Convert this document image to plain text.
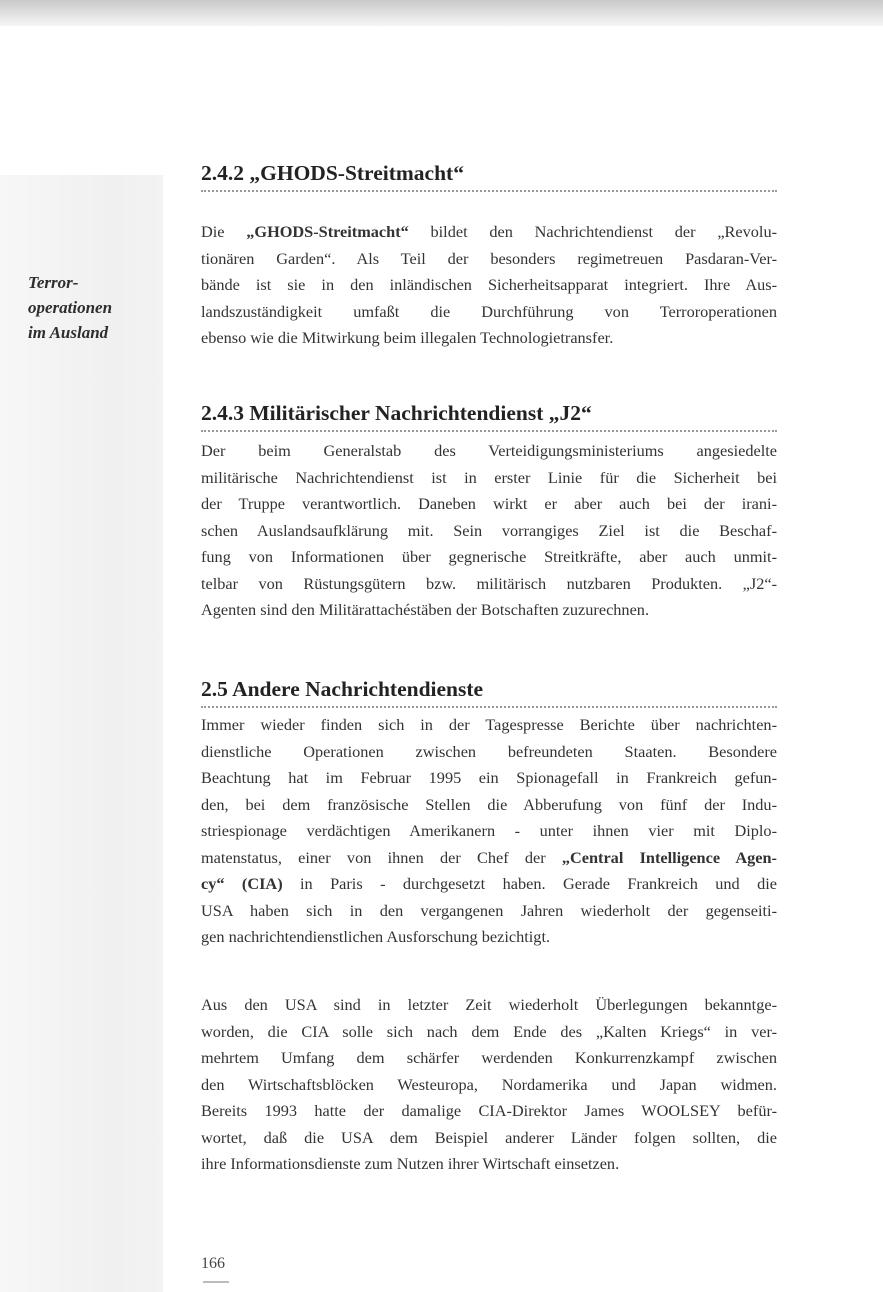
Terror-
operationen
im Ausland
2.4.2 „GHODS-Streitmacht“
Die „GHODS-Streitmacht“ bildet den Nachrichtendienst der „Revolu-
tionären Garden“. Als Teil der besonders regimetreuen Pasdaran-Ver-
bände ist sie in den inländischen Sicherheitsapparat integriert. Ihre Aus-
landszuständigkeit umfaßt die Durchführung von Terroroperationen
ebenso wie die Mitwirkung beim illegalen Technologietransfer.
2.4.3 Militärischer Nachrichtendienst „J2“
Der beim Generalstab des Verteidigungsministeriums angesiedelte
militärische Nachrichtendienst ist in erster Linie für die Sicherheit bei
der Truppe verantwortlich. Daneben wirkt er aber auch bei der irani-
schen Auslandsaufklärung mit. Sein vorrangiges Ziel ist die Beschaf-
fung von Informationen über gegnerische Streitkräfte, aber auch unmit-
telbar von Rüstungsgütern bzw. militärisch nutzbaren Produkten. „J2“-
Agenten sind den Militärattachéstäben der Botschaften zuzurechnen.
2.5 Andere Nachrichtendienste
Immer wieder finden sich in der Tagespresse Berichte über nachrichten-
dienstliche Operationen zwischen befreundeten Staaten. Besondere
Beachtung hat im Februar 1995 ein Spionagefall in Frankreich gefun-
den, bei dem französische Stellen die Abberufung von fünf der Indu-
striespionage verdächtigen Amerikanern - unter ihnen vier mit Diplo-
matenstatus, einer von ihnen der Chef der „Central Intelligence Agen-
cy“ (CIA) in Paris - durchgesetzt haben. Gerade Frankreich und die
USA haben sich in den vergangenen Jahren wiederholt der gegenseiti-
gen nachrichtendienstlichen Ausforschung bezichtigt.
Aus den USA sind in letzter Zeit wiederholt Überlegungen bekanntge-
worden, die CIA solle sich nach dem Ende des „Kalten Kriegs“ in ver-
mehrtem Umfang dem schärfer werdenden Konkurrenzkampf zwischen
den Wirtschaftsblöcken Westeuropa, Nordamerika und Japan widmen.
Bereits 1993 hatte der damalige CIA-Direktor James WOOLSEY befür-
wortet, daß die USA dem Beispiel anderer Länder folgen sollten, die
ihre Informationsdienste zum Nutzen ihrer Wirtschaft einsetzen.
166
